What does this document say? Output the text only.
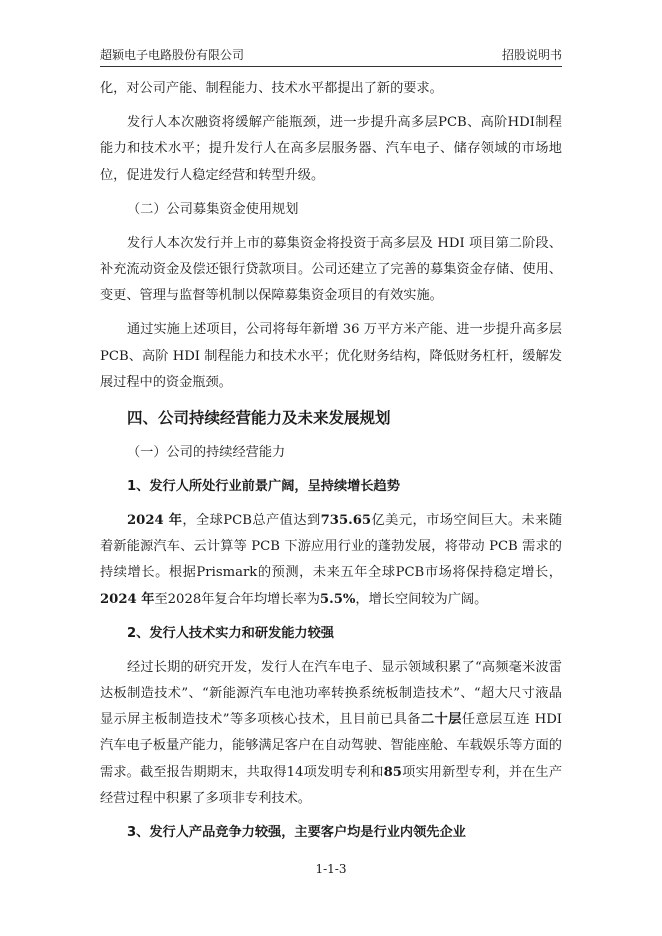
超颖电子电路股份有限公司	招股说明书

化，对公司产能、制程能力、技术水平都提出了新的要求。

发行人本次融资将缓解产能瓶颈，进一步提升高多层PCB、高阶HDI制程能力和技术水平；提升发行人在高多层服务器、汽车电子、储存领域的市场地位，促进发行人稳定经营和转型升级。

（二）公司募集资金使用规划

发行人本次发行并上市的募集资金将投资于高多层及 HDI 项目第二阶段、补充流动资金及偿还银行贷款项目。公司还建立了完善的募集资金存储、使用、变更、管理与监督等机制以保障募集资金项目的有效实施。

通过实施上述项目，公司将每年新增 36 万平方米产能、进一步提升高多层 PCB、高阶 HDI 制程能力和技术水平；优化财务结构，降低财务杠杆，缓解发展过程中的资金瓶颈。

四、公司持续经营能力及未来发展规划
（一）公司的持续经营能力
1、发行人所处行业前景广阔，呈持续增长趋势

2024 年，全球PCB总产值达到735.65亿美元，市场空间巨大。未来随着新能源汽车、云计算等 PCB 下游应用行业的蓬勃发展，将带动 PCB 需求的持续增长。根据Prismark的预测，未来五年全球PCB市场将保持稳定增长，2024 年至2028年复合年均增长率为5.5%，增长空间较为广阔。

2、发行人技术实力和研发能力较强

经过长期的研究开发，发行人在汽车电子、显示领域积累了“高频毫米波雷达板制造技术”、“新能源汽车电池功率转换系统板制造技术”、“超大尺寸液晶显示屏主板制造技术”等多项核心技术，且目前已具备二十层任意层互连 HDI 汽车电子板量产能力，能够满足客户在自动驾驶、智能座舱、车载娱乐等方面的需求。截至报告期期末，共取得14项发明专利和85项实用新型专利，并在生产经营过程中积累了多项非专利技术。

3、发行人产品竞争力较强，主要客户均是行业内领先企业
1-1-3
